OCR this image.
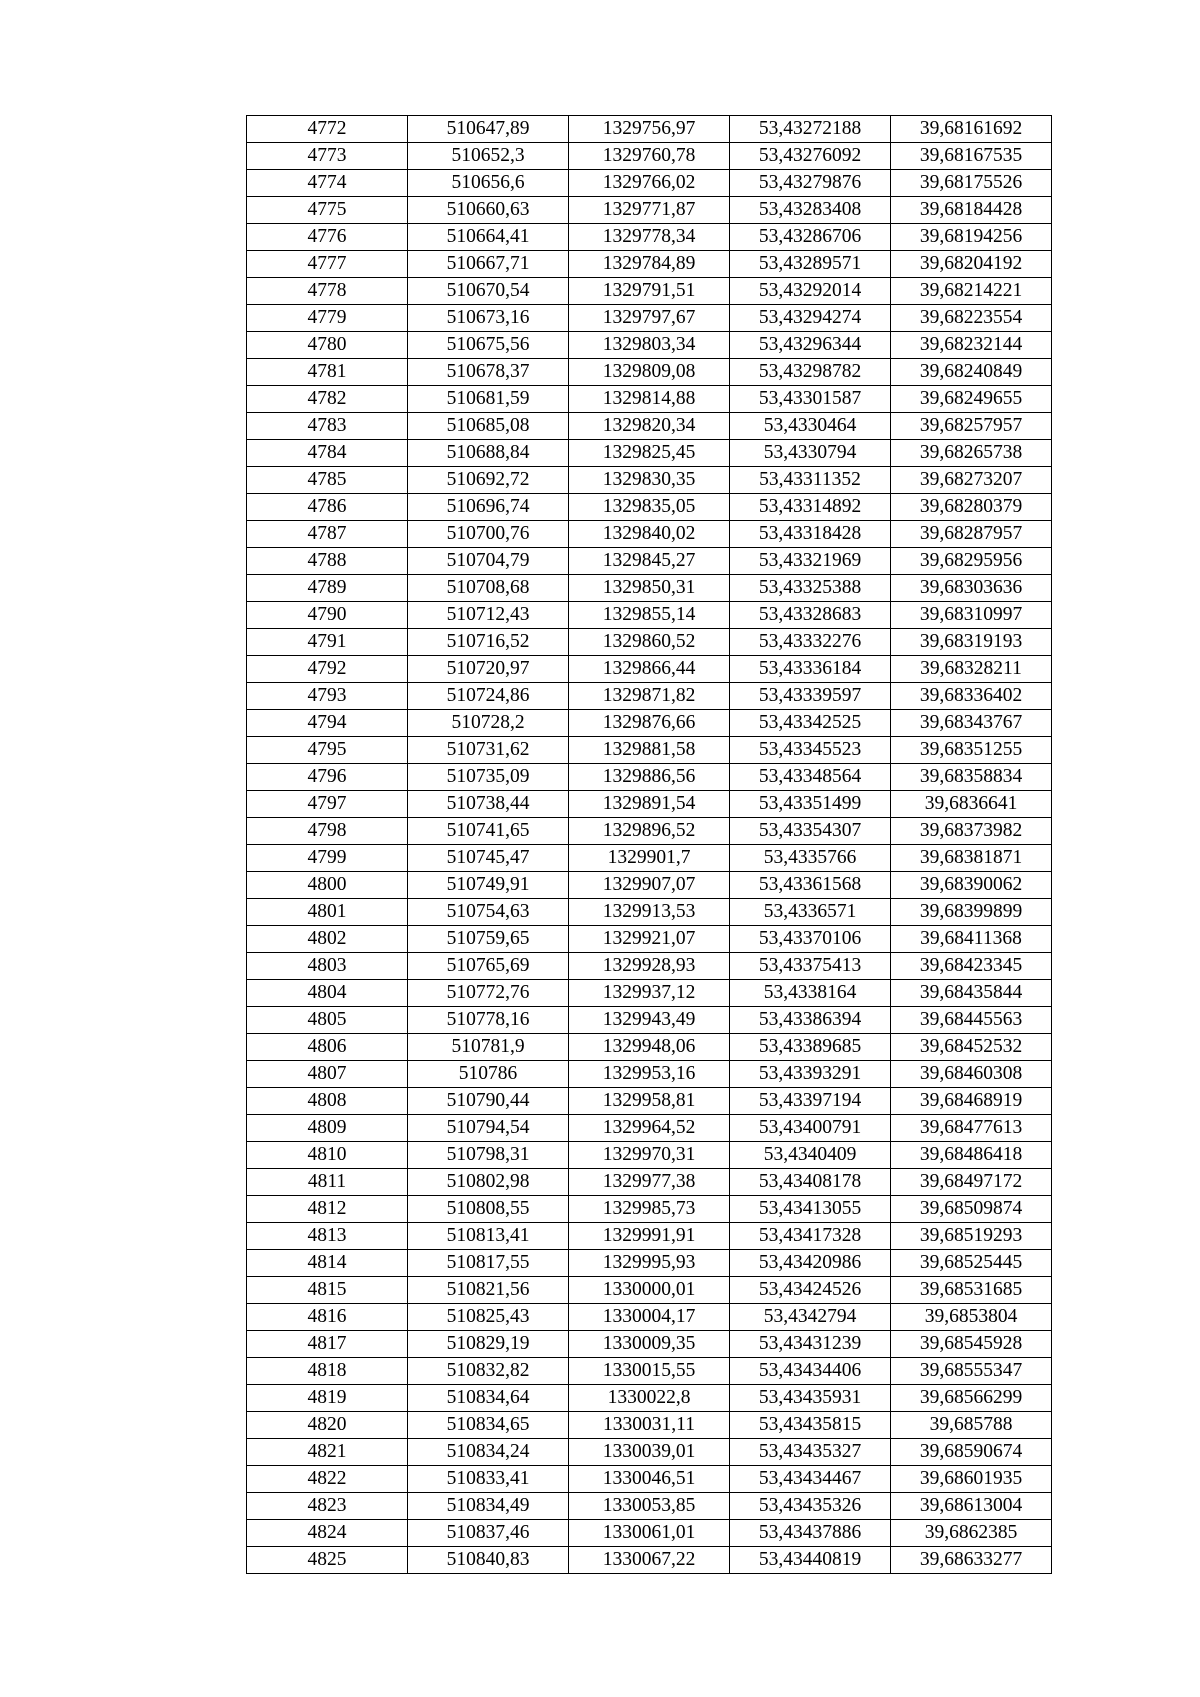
4772	510647,89	1329756,97	53,43272188	39,68161692
4773	510652,3	1329760,78	53,43276092	39,68167535
4774	510656,6	1329766,02	53,43279876	39,68175526
4775	510660,63	1329771,87	53,43283408	39,68184428
4776	510664,41	1329778,34	53,43286706	39,68194256
4777	510667,71	1329784,89	53,43289571	39,68204192
4778	510670,54	1329791,51	53,43292014	39,68214221
4779	510673,16	1329797,67	53,43294274	39,68223554
4780	510675,56	1329803,34	53,43296344	39,68232144
4781	510678,37	1329809,08	53,43298782	39,68240849
4782	510681,59	1329814,88	53,43301587	39,68249655
4783	510685,08	1329820,34	53,4330464	39,68257957
4784	510688,84	1329825,45	53,4330794	39,68265738
4785	510692,72	1329830,35	53,43311352	39,68273207
4786	510696,74	1329835,05	53,43314892	39,68280379
4787	510700,76	1329840,02	53,43318428	39,68287957
4788	510704,79	1329845,27	53,43321969	39,68295956
4789	510708,68	1329850,31	53,43325388	39,68303636
4790	510712,43	1329855,14	53,43328683	39,68310997
4791	510716,52	1329860,52	53,43332276	39,68319193
4792	510720,97	1329866,44	53,43336184	39,68328211
4793	510724,86	1329871,82	53,43339597	39,68336402
4794	510728,2	1329876,66	53,43342525	39,68343767
4795	510731,62	1329881,58	53,43345523	39,68351255
4796	510735,09	1329886,56	53,43348564	39,68358834
4797	510738,44	1329891,54	53,43351499	39,6836641
4798	510741,65	1329896,52	53,43354307	39,68373982
4799	510745,47	1329901,7	53,4335766	39,68381871
4800	510749,91	1329907,07	53,43361568	39,68390062
4801	510754,63	1329913,53	53,4336571	39,68399899
4802	510759,65	1329921,07	53,43370106	39,68411368
4803	510765,69	1329928,93	53,43375413	39,68423345
4804	510772,76	1329937,12	53,4338164	39,68435844
4805	510778,16	1329943,49	53,43386394	39,68445563
4806	510781,9	1329948,06	53,43389685	39,68452532
4807	510786	1329953,16	53,43393291	39,68460308
4808	510790,44	1329958,81	53,43397194	39,68468919
4809	510794,54	1329964,52	53,43400791	39,68477613
4810	510798,31	1329970,31	53,4340409	39,68486418
4811	510802,98	1329977,38	53,43408178	39,68497172
4812	510808,55	1329985,73	53,43413055	39,68509874
4813	510813,41	1329991,91	53,43417328	39,68519293
4814	510817,55	1329995,93	53,43420986	39,68525445
4815	510821,56	1330000,01	53,43424526	39,68531685
4816	510825,43	1330004,17	53,4342794	39,6853804
4817	510829,19	1330009,35	53,43431239	39,68545928
4818	510832,82	1330015,55	53,43434406	39,68555347
4819	510834,64	1330022,8	53,43435931	39,68566299
4820	510834,65	1330031,11	53,43435815	39,685788
4821	510834,24	1330039,01	53,43435327	39,68590674
4822	510833,41	1330046,51	53,43434467	39,68601935
4823	510834,49	1330053,85	53,43435326	39,68613004
4824	510837,46	1330061,01	53,43437886	39,6862385
4825	510840,83	1330067,22	53,43440819	39,68633277
